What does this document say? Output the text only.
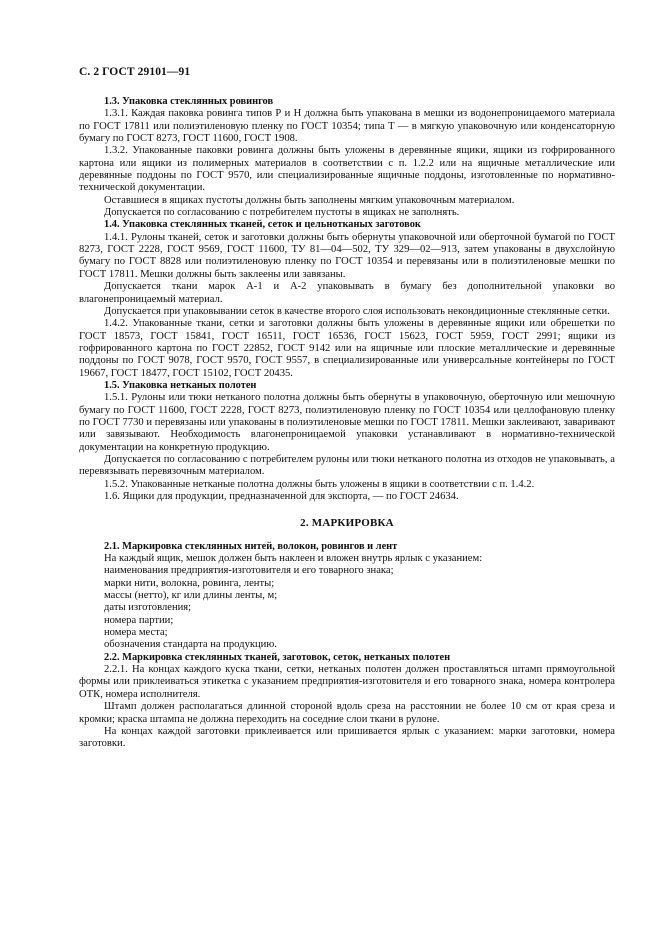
С. 2 ГОСТ 29101—91

1.3. Упаковка стеклянных ровингов

1.3.1. Каждая паковка ровинга типов Р и Н должна быть упакована в мешки из водонепроницаемого материала по ГОСТ 17811 или полиэтиленовую пленку по ГОСТ 10354; типа Т — в мягкую упаковочную или конденсаторную бумагу по ГОСТ 8273, ГОСТ 11600, ГОСТ 1908.

1.3.2. Упакованные паковки ровинга должны быть уложены в деревянные ящики, ящики из гофрированного картона или ящики из полимерных материалов в соответствии с п. 1.2.2 или на ящичные металлические или деревянные поддоны по ГОСТ 9570, или специализированные ящичные поддоны, изготовленные по нормативно-технической документации.

Оставшиеся в ящиках пустоты должны быть заполнены мягким упаковочным материалом.

Допускается по согласованию с потребителем пустоты в ящиках не заполнять.

1.4. Упаковка стеклянных тканей, сеток и цельнотканых заготовок

1.4.1. Рулоны тканей, сеток и заготовки должны быть обернуты упаковочной или оберточной бумагой по ГОСТ 8273, ГОСТ 2228, ГОСТ 9569, ГОСТ 11600, ТУ 81—04—502, ТУ 329—02—913, затем упакованы в двухслойную бумагу по ГОСТ 8828 или полиэтиленовую пленку по ГОСТ 10354 и перевязаны или в полиэтиленовые мешки по ГОСТ 17811. Мешки должны быть заклеены или завязаны.

Допускается ткани марок А-1 и А-2 упаковывать в бумагу без дополнительной упаковки во влагонепроницаемый материал.

Допускается при упаковывании сеток в качестве второго слоя использовать некондиционные стеклянные сетки.

1.4.2. Упакованные ткани, сетки и заготовки должны быть уложены в деревянные ящики или обрешетки по ГОСТ 18573, ГОСТ 15841, ГОСТ 16511, ГОСТ 16536, ГОСТ 15623, ГОСТ 5959, ГОСТ 2991; ящики из гофрированного картона по ГОСТ 22852, ГОСТ 9142 или на ящичные или плоские металлические и деревянные поддоны по ГОСТ 9078, ГОСТ 9570, ГОСТ 9557, в специализированные или универсальные контейнеры по ГОСТ 19667, ГОСТ 18477, ГОСТ 15102, ГОСТ 20435.

1.5. Упаковка нетканых полотен

1.5.1. Рулоны или тюки нетканого полотна должны быть обернуты в упаковочную, оберточную или мешочную бумагу по ГОСТ 11600, ГОСТ 2228, ГОСТ 8273, полиэтиленовую пленку по ГОСТ 10354 или целлофановую пленку по ГОСТ 7730 и перевязаны или упакованы в полиэтиленовые мешки по ГОСТ 17811. Мешки заклеивают, заваривают или завязывают. Необходимость влагонепроницаемой упаковки устанавливают в нормативно-технической документации на конкретную продукцию.

Допускается по согласованию с потребителем рулоны или тюки нетканого полотна из отходов не упаковывать, а перевязывать перевязочным материалом.

1.5.2. Упакованные нетканые полотна должны быть уложены в ящики в соответствии с п. 1.4.2.

1.6. Ящики для продукции, предназначенной для экспорта, — по ГОСТ 24634.

2. МАРКИРОВКА

2.1. Маркировка стеклянных нитей, волокон, ровингов и лент

На каждый ящик, мешок должен быть наклеен и вложен внутрь ярлык с указанием:

наименования предприятия-изготовителя и его товарного знака;

марки нити, волокна, ровинга, ленты;

массы (нетто), кг или длины ленты, м;

даты изготовления;

номера партии;

номера места;

обозначения стандарта на продукцию.

2.2. Маркировка стеклянных тканей, заготовок, сеток, нетканых полотен

2.2.1. На концах каждого куска ткани, сетки, нетканых полотен должен проставляться штамп прямоугольной формы или приклеиваться этикетка с указанием предприятия-изготовителя и его товарного знака, номера контролера ОТК, номера исполнителя.

Штамп должен располагаться длинной стороной вдоль среза на расстоянии не более 10 см от края среза и кромки; краска штампа не должна переходить на соседние слои ткани в рулоне.

На концах каждой заготовки приклеивается или пришивается ярлык с указанием: марки заготовки, номера заготовки.
